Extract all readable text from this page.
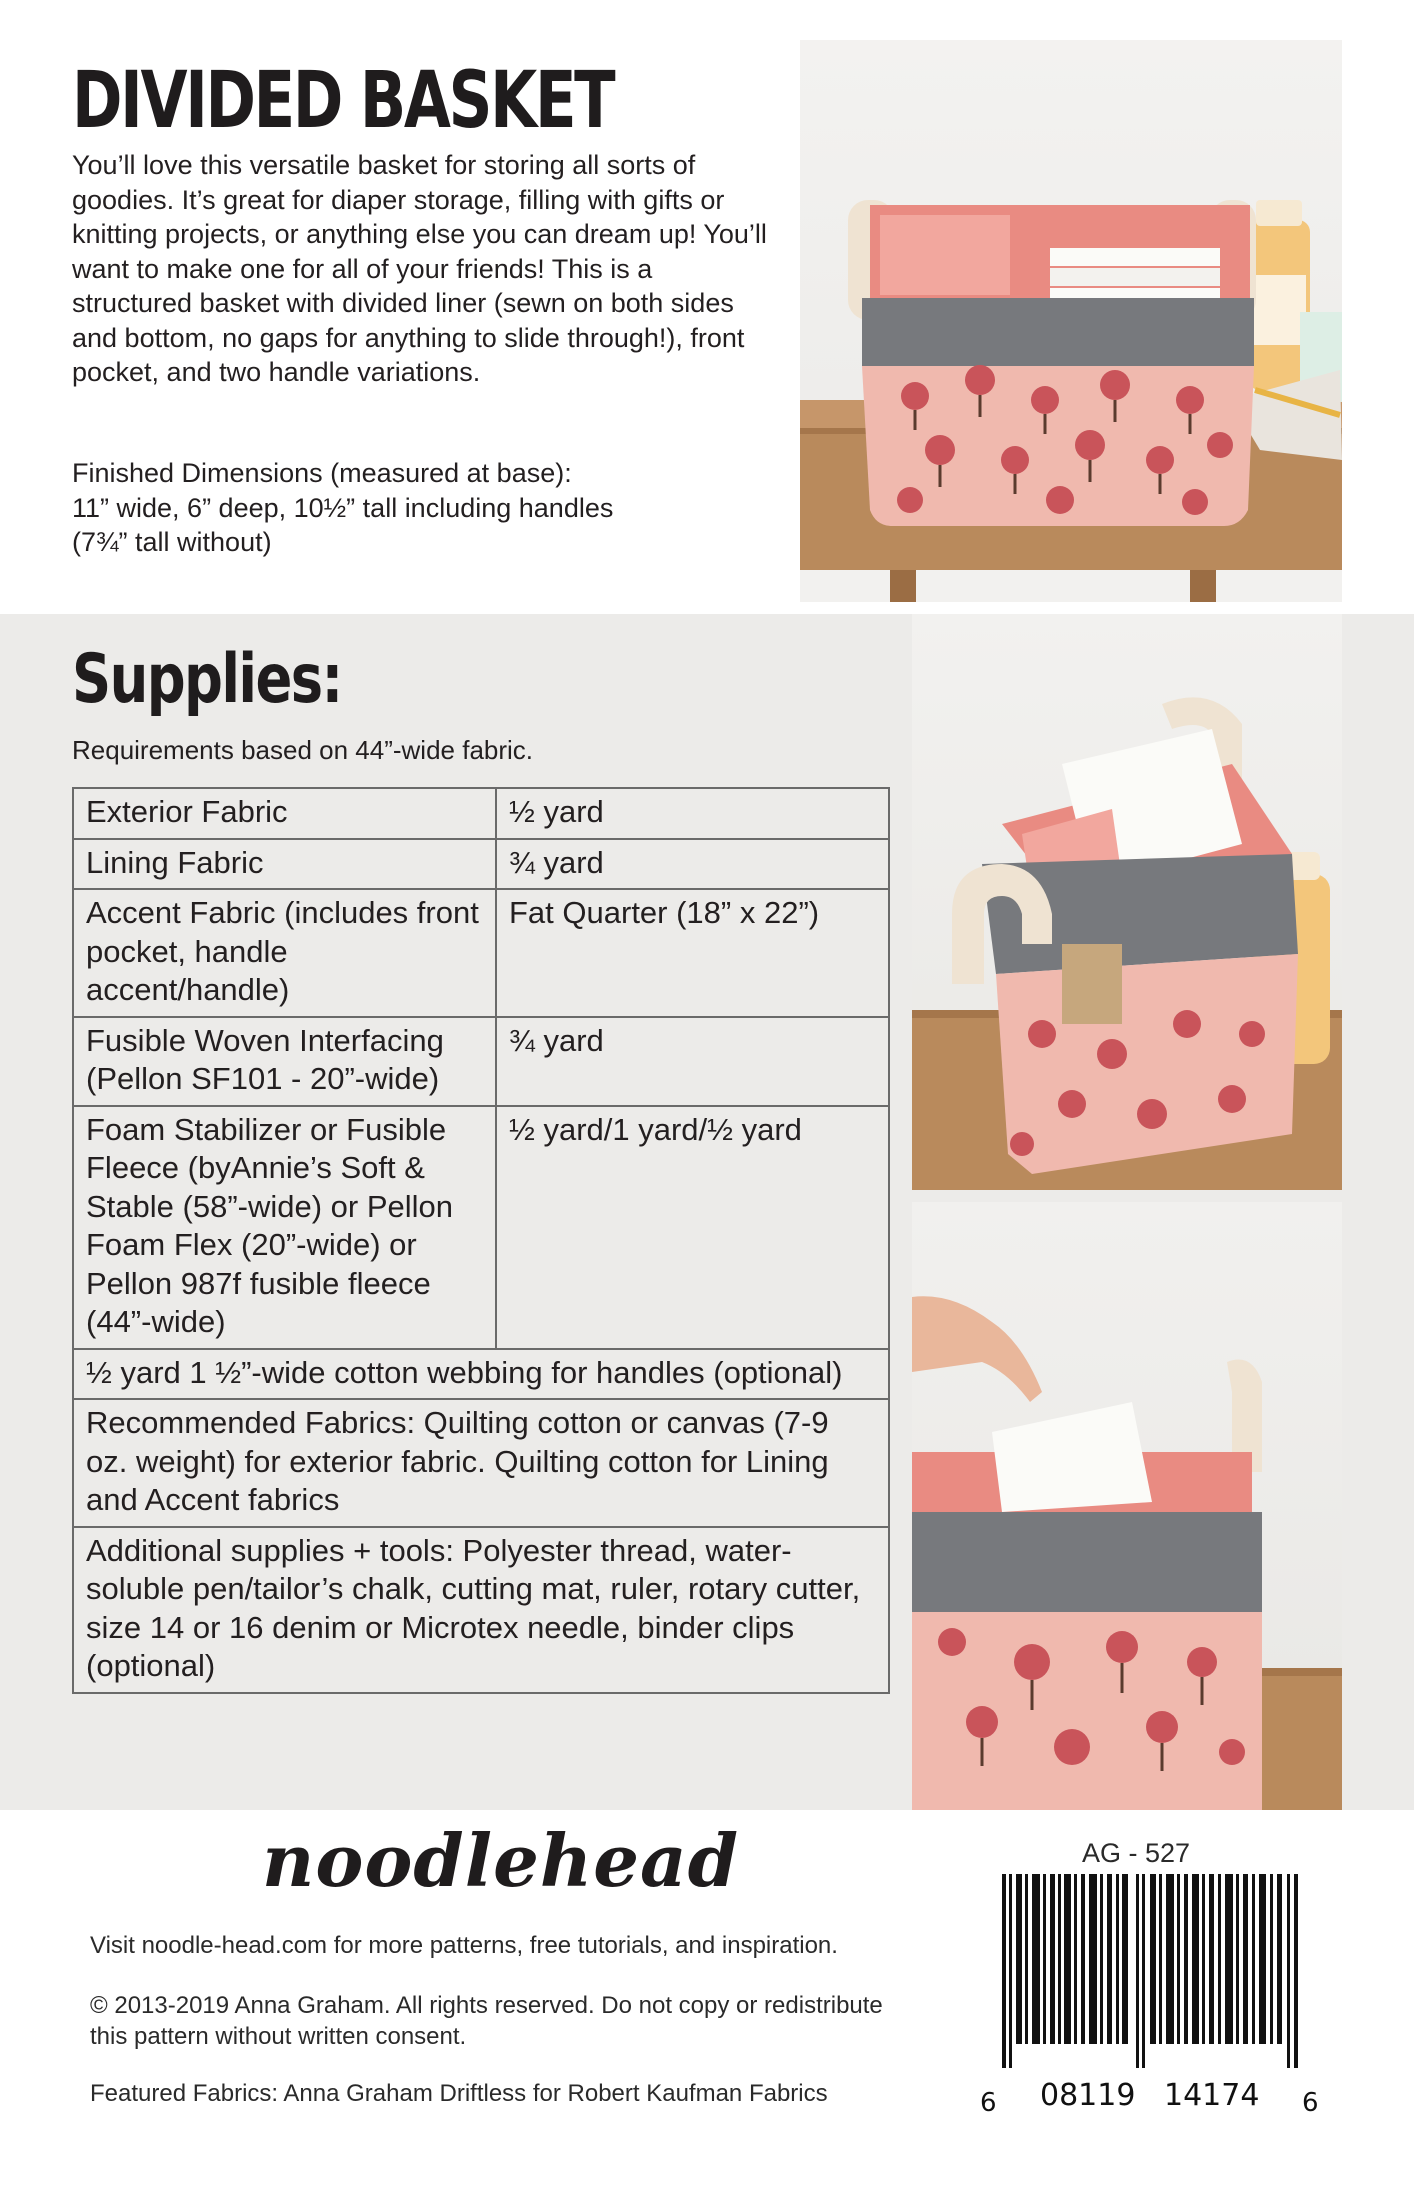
DIVIDED BASKET

You’ll love this versatile basket for storing all sorts of goodies. It’s great for diaper storage, filling with gifts or knitting projects, or anything else you can dream up! You’ll want to make one for all of your friends! This is a structured basket with divided liner (sewn on both sides and bottom, no gaps for anything to slide through!), front pocket, and two handle variations.

Finished Dimensions (measured at base):
11” wide, 6” deep, 10½” tall including handles
(7¾” tall without)
Supplies:
Requirements based on 44”-wide fabric.
Exterior Fabric	½ yard
Lining Fabric	¾ yard
Accent Fabric (includes front pocket, handle accent/handle)	Fat Quarter (18” x 22”)
Fusible Woven Interfacing (Pellon SF101 - 20”-wide)	¾ yard
Foam Stabilizer or Fusible Fleece (byAnnie’s Soft & Stable (58”-wide) or Pellon Foam Flex (20”-wide) or Pellon 987f fusible fleece (44”-wide)	½ yard/1 yard/½ yard
½ yard 1 ½”-wide cotton webbing for handles (optional)	
Recommended Fabrics: Quilting cotton or canvas (7-9 oz. weight) for exterior fabric. Quilting cotton for Lining and Accent fabrics	
Additional supplies + tools: Polyester thread, water-soluble pen/tailor’s chalk, cutting mat, ruler, rotary cutter, size 14 or 16 denim or Microtex needle, binder clips (optional)	
noodlehead
Visit noodle-head.com for more patterns, free tutorials, and inspiration.

© 2013-2019 Anna Graham. All rights reserved. Do not copy or redistribute this pattern without written consent.

Featured Fabrics: Anna Graham Driftless for Robert Kaufman Fabrics
AG - 527
6 08119 14174 6
